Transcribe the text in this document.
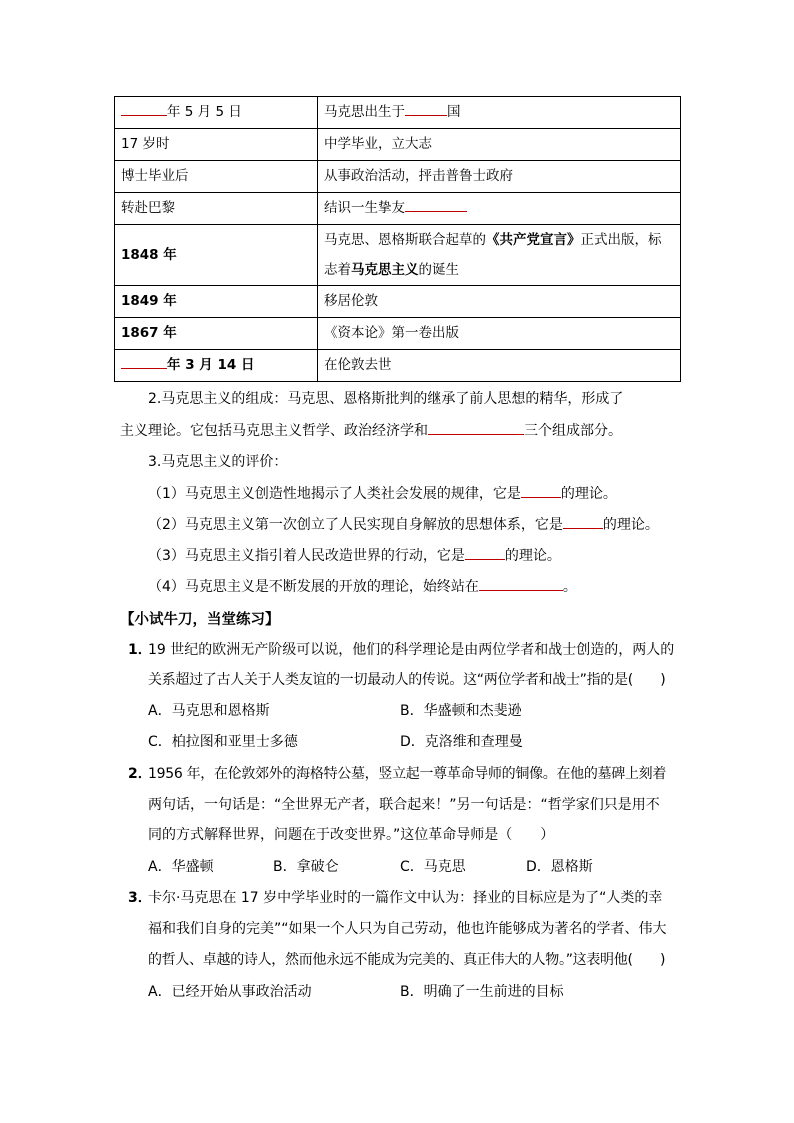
年 5 月 5 日	马克思出生于 国
17 岁时	中学毕业，立大志
博士毕业后	从事政治活动，抨击普鲁士政府
转赴巴黎	结识一生挚友
1848 年	马克思、恩格斯联合起草的《共产党宣言》正式出版，标
志着马克思主义的诞生

1849 年	移居伦敦
1867 年	《资本论》第一卷出版
年 3 月 14 日	在伦敦去世
2.马克思主义的组成：马克思、恩格斯批判的继承了前人思想的精华，形成了
主义理论。它包括马克思主义哲学、政治经济学和	三个组成部分。
3.马克思主义的评价：
（1）马克思主义创造性地揭示了人类社会发展的规律，它是	的理论。
（2）马克思主义第一次创立了人民实现自身解放的思想体系，它是	的理论。
（3）马克思主义指引着人民改造世界的行动，它是	的理论。
（4）马克思主义是不断发展的开放的理论，始终站在	。
【小试牛刀，当堂练习】
1．
19 世纪的欧洲无产阶级可以说，他们的科学理论是由两位学者和战士创造的，两人的
关系超过了古人关于人类友谊的一切最动人的传说。这“两位学者和战士”指的是(　　)
A．马克思和恩格斯	B．华盛顿和杰斐逊
C．柏拉图和亚里士多德	D．克洛维和查理曼
2．
1956 年，在伦敦郊外的海格特公墓，竖立起一尊革命导师的铜像。在他的墓碑上刻着
两句话，一句话是：“全世界无产者，联合起来！”另一句话是：“哲学家们只是用不
同的方式解释世界，问题在于改变世界。”这位革命导师是（　　）
A．华盛顿	B．拿破仑	C．马克思	D．恩格斯
3．
卡尔·马克思在 17 岁中学毕业时的一篇作文中认为：择业的目标应是为了“人类的幸
福和我们自身的完美”“如果一个人只为自己劳动，他也许能够成为著名的学者、伟大
的哲人、卓越的诗人，然而他永远不能成为完美的、真正伟大的人物。”这表明他(　　)
A．已经开始从事政治活动	B．明确了一生前进的目标
